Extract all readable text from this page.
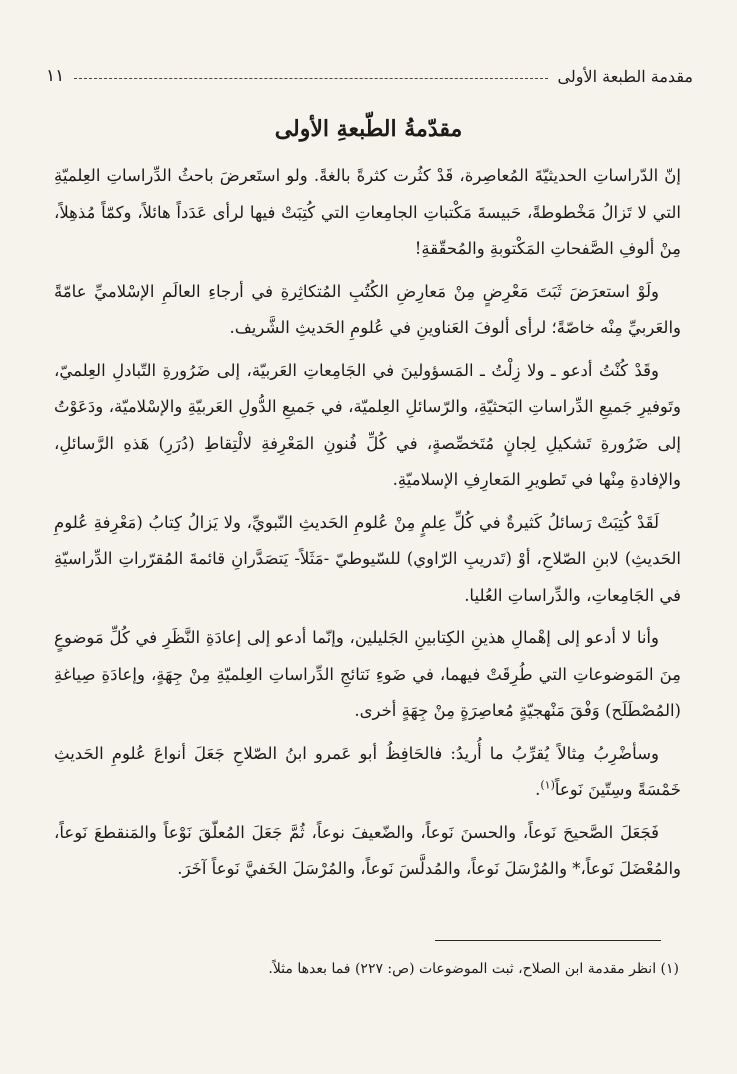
مقدمة الطبعة الأولى
١١
مقدّمةُ الطّبعةِ الأولى

إنّ الدّراساتِ الحديثيّةَ المُعاصِرة، قَدْ كثُرت كثرةً بالغةً. ولو استَعرضَ باحثُ الدِّراساتِ العِلميّةِ التي لا تَزالُ مَخْطوطةً، حَبيسةَ مَكْتباتِ الجامِعاتِ التي كُتِبَتْ فيها لرأى عَدَداً هائلاً، وكمّاً مُذهِلاً، مِنْ ألوفِ الصَّفحاتِ المَكْتوبةِ والمُحقّقةِ!

ولَوْ استعرَضَ ثَبَتَ مَعْرِضٍ مِنْ مَعارِضِ الكُتُبِ المُتكاثِرةِ في أرجاءِ العالَمِ الإسْلاميِّ عامّةً والعَربيِّ مِنْه خاصّةً؛ لرأى ألوفَ العَناوينِ في عُلومِ الحَديثِ الشَّريف.

وقَدْ كُنْتُ أدعو ـ ولا زِلْتُ ـ المَسؤولينَ في الجَامِعاتِ العَربيّة، إلى ضَرُورةِ التّبادلِ العِلميّ، وتَوفيرِ جَميعِ الدِّراساتِ البَحثيّةِ، والرّسائلِ العِلميّة، في جَميعِ الدُّولِ العَربيّةِ والإسْلاميّة، ودَعَوْتُ إلى ضَرُورةِ تَشكيلِ لِجانٍ مُتَخصِّصةٍ، في كُلِّ فُنونِ المَعْرِفةِ لالْتِقاطِ (دُرَرِ) هَذهِ الرَّسائلِ، والإفادةِ مِنْها في تَطويرِ المَعارِفِ الإسلاميّةِ.

لَقَدْ كُتِبَتْ رَسائلُ كَثيرةٌ في كُلِّ عِلمٍ مِنْ عُلومِ الحَديثِ النّبويِّ، ولا يَزالُ كِتابُ (مَعْرِفةِ عُلومِ الحَديثِ) لابنِ الصّلاحِ، أوْ (تَدريبِ الرّاوي) للسّيوطيّ -مَثَلاً- يَتصَدَّرانِ قائمةَ المُقرّراتِ الدِّراسيّةِ في الجَامِعاتِ، والدِّراساتِ العُليا.

وأنا لا أدعو إلى إهْمالِ هذينِ الكِتابينِ الجَليلين، وإنّما أدعو إلى إعادَةِ النَّظَرِ في كُلِّ مَوضوعٍ مِنَ المَوضوعاتِ التي طُرِقَتْ فيهما، في ضَوءِ نَتائجِ الدِّراساتِ العِلميّةِ مِنْ جِهَةٍ، وإعادَةِ صِياغةِ (المُصْطَلَح) وَفْقَ مَنْهجيّةٍ مُعاصِرَةٍ مِنْ جِهَةٍ أخرى.

وسأضْرِبُ مِثالاً يُقرِّبُ ما أُريدُ: فالحَافِظُ أبو عَمرو ابنُ الصّلاحِ جَعَلَ أنواعَ عُلومِ الحَديثِ خَمْسَةً وسِتّينَ نَوعاً$^{(١)}$.

فَجَعَلَ الصَّحيحَ نَوعاً، والحسنَ نَوعاً، والضّعيفَ نوعاً، ثُمَّ جَعَلَ المُعلّقَ نَوْعاً والمَنقطعَ نَوعاً، والمُعْضَلَ نَوعاً،* والمُرْسَلَ نَوعاً، والمُدلَّسَ نَوعاً، والمُرْسَلَ الخَفيَّ نَوعاً آخَرَ.

(١) انظر مقدمة ابن الصلاح، ثبت الموضوعات (ص: ٢٢٧) فما بعدها مثلاً.
